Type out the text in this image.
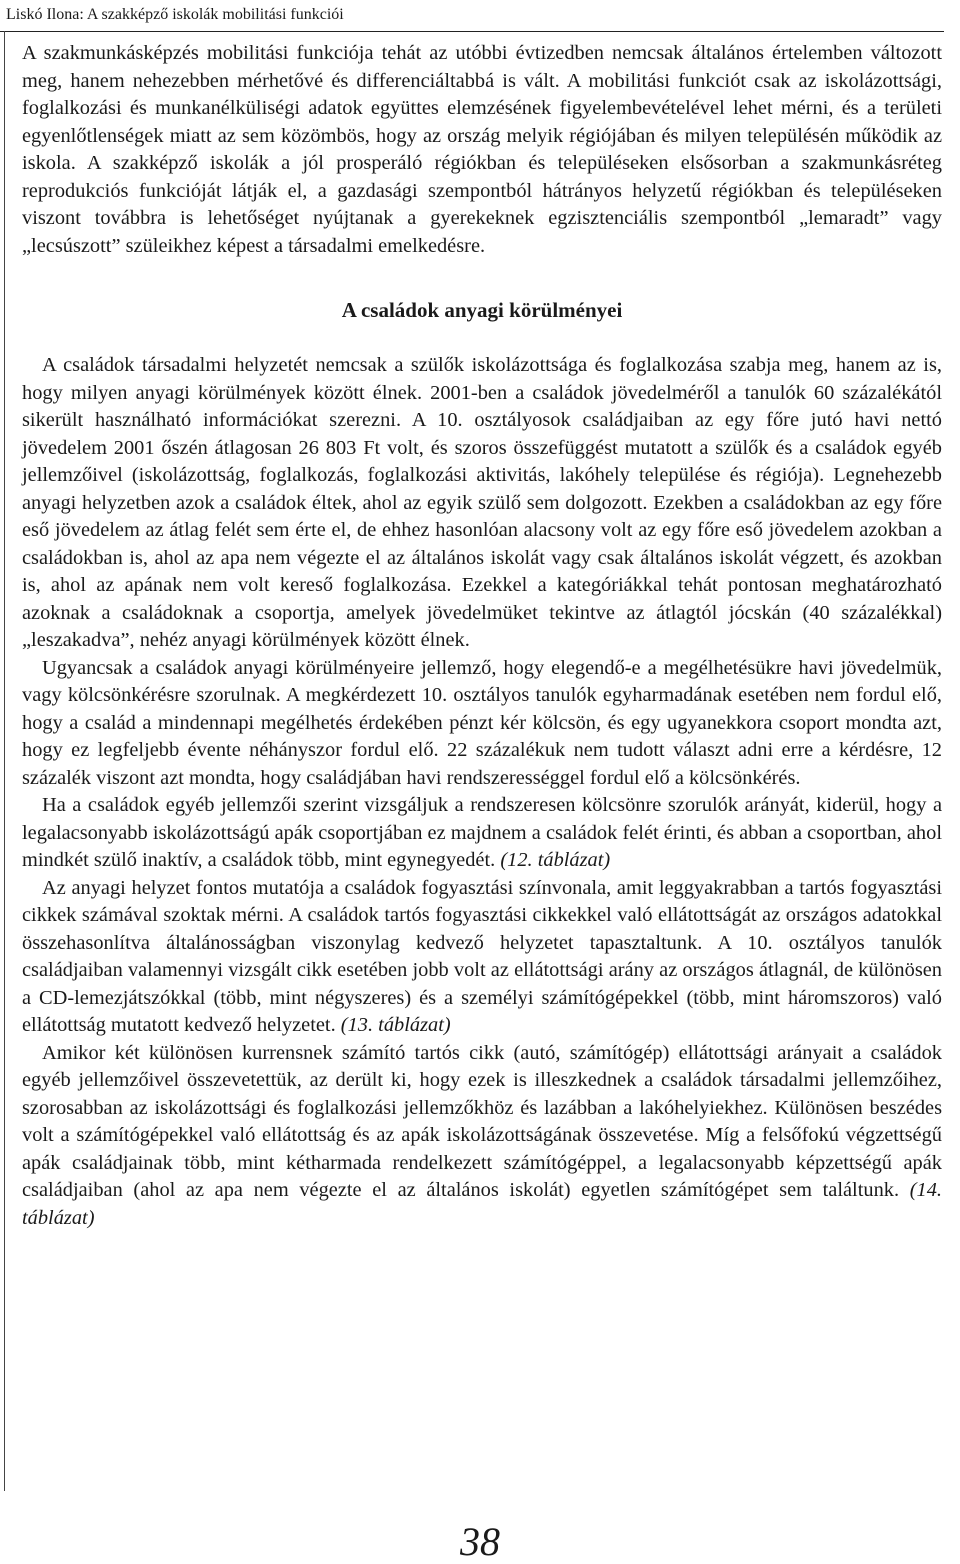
Liskó Ilona: A szakképző iskolák mobilitási funkciói

A szakmunkásképzés mobilitási funkciója tehát az utóbbi évtizedben nemcsak általános értelemben változott meg, hanem nehezebben mérhetővé és differenciáltabbá is vált. A mobilitási funkciót csak az iskolázottsági, foglalkozási és munkanélküliségi adatok együttes elemzésének figyelembevételével lehet mérni, és a területi egyenlőtlenségek miatt az sem közömbös, hogy az ország melyik régiójában és milyen településén működik az iskola. A szakképző iskolák a jól prosperáló régiókban és településeken elsősorban a szakmunkásréteg reprodukciós funkcióját látják el, a gazdasági szempontból hátrányos helyzetű régiókban és településeken viszont továbbra is lehetőséget nyújtanak a gyerekeknek egzisztenciális szempontból „lemaradt” vagy „lecsúszott” szüleikhez képest a társadalmi emelkedésre.

A családok anyagi körülményei

A családok társadalmi helyzetét nemcsak a szülők iskolázottsága és foglalkozása szabja meg, hanem az is, hogy milyen anyagi körülmények között élnek. 2001-ben a családok jövedelméről a tanulók 60 százalékától sikerült használható információkat szerezni. A 10. osztályosok családjaiban az egy főre jutó havi nettó jövedelem 2001 őszén átlagosan 26 803 Ft volt, és szoros összefüggést mutatott a szülők és a családok egyéb jellemzőivel (iskolázottság, foglalkozás, foglalkozási aktivitás, lakóhely települése és régiója). Legnehezebb anyagi helyzetben azok a családok éltek, ahol az egyik szülő sem dolgozott. Ezekben a családokban az egy főre eső jövedelem az átlag felét sem érte el, de ehhez hasonlóan alacsony volt az egy főre eső jövedelem azokban a családokban is, ahol az apa nem végezte el az általános iskolát vagy csak általános iskolát végzett, és azokban is, ahol az apának nem volt kereső foglalkozása. Ezekkel a kategóriákkal tehát pontosan meghatározható azoknak a családoknak a csoportja, amelyek jövedelmüket tekintve az átlagtól jócskán (40 százalékkal) „leszakadva”, nehéz anyagi körülmények között élnek.

Ugyancsak a családok anyagi körülményeire jellemző, hogy elegendő-e a megélhetésükre havi jövedelmük, vagy kölcsönkérésre szorulnak. A megkérdezett 10. osztályos tanulók egyharmadának esetében nem fordul elő, hogy a család a mindennapi megélhetés érdekében pénzt kér kölcsön, és egy ugyanekkora csoport mondta azt, hogy ez legfeljebb évente néhányszor fordul elő. 22 százalékuk nem tudott választ adni erre a kérdésre, 12 százalék viszont azt mondta, hogy családjában havi rendszerességgel fordul elő a kölcsönkérés.

Ha a családok egyéb jellemzői szerint vizsgáljuk a rendszeresen kölcsönre szorulók arányát, kiderül, hogy a legalacsonyabb iskolázottságú apák csoportjában ez majdnem a családok felét érinti, és abban a csoportban, ahol mindkét szülő inaktív, a családok több, mint egynegyedét. (12. táblázat)

Az anyagi helyzet fontos mutatója a családok fogyasztási színvonala, amit leggyakrabban a tartós fogyasztási cikkek számával szoktak mérni. A családok tartós fogyasztási cikkekkel való ellátottságát az országos adatokkal összehasonlítva általánosságban viszonylag kedvező helyzetet tapasztaltunk. A 10. osztályos tanulók családjaiban valamennyi vizsgált cikk esetében jobb volt az ellátottsági arány az országos átlagnál, de különösen a CD-lemezjátszókkal (több, mint négyszeres) és a személyi számítógépekkel (több, mint háromszoros) való ellátottság mutatott kedvező helyzetet. (13. táblázat)

Amikor két különösen kurrensnek számító tartós cikk (autó, számítógép) ellátottsági arányait a családok egyéb jellemzőivel összevetettük, az derült ki, hogy ezek is illeszkednek a családok társadalmi jellemzőihez, szorosabban az iskolázottsági és foglalkozási jellemzőkhöz és lazábban a lakóhelyiekhez. Különösen beszédes volt a számítógépekkel való ellátottság és az apák iskolázottságának összevetése. Míg a felsőfokú végzettségű apák családjainak több, mint kétharmada rendelkezett számítógéppel, a legalacsonyabb képzettségű apák családjaiban (ahol az apa nem végezte el az általános iskolát) egyetlen számítógépet sem találtunk. (14. táblázat)

38
